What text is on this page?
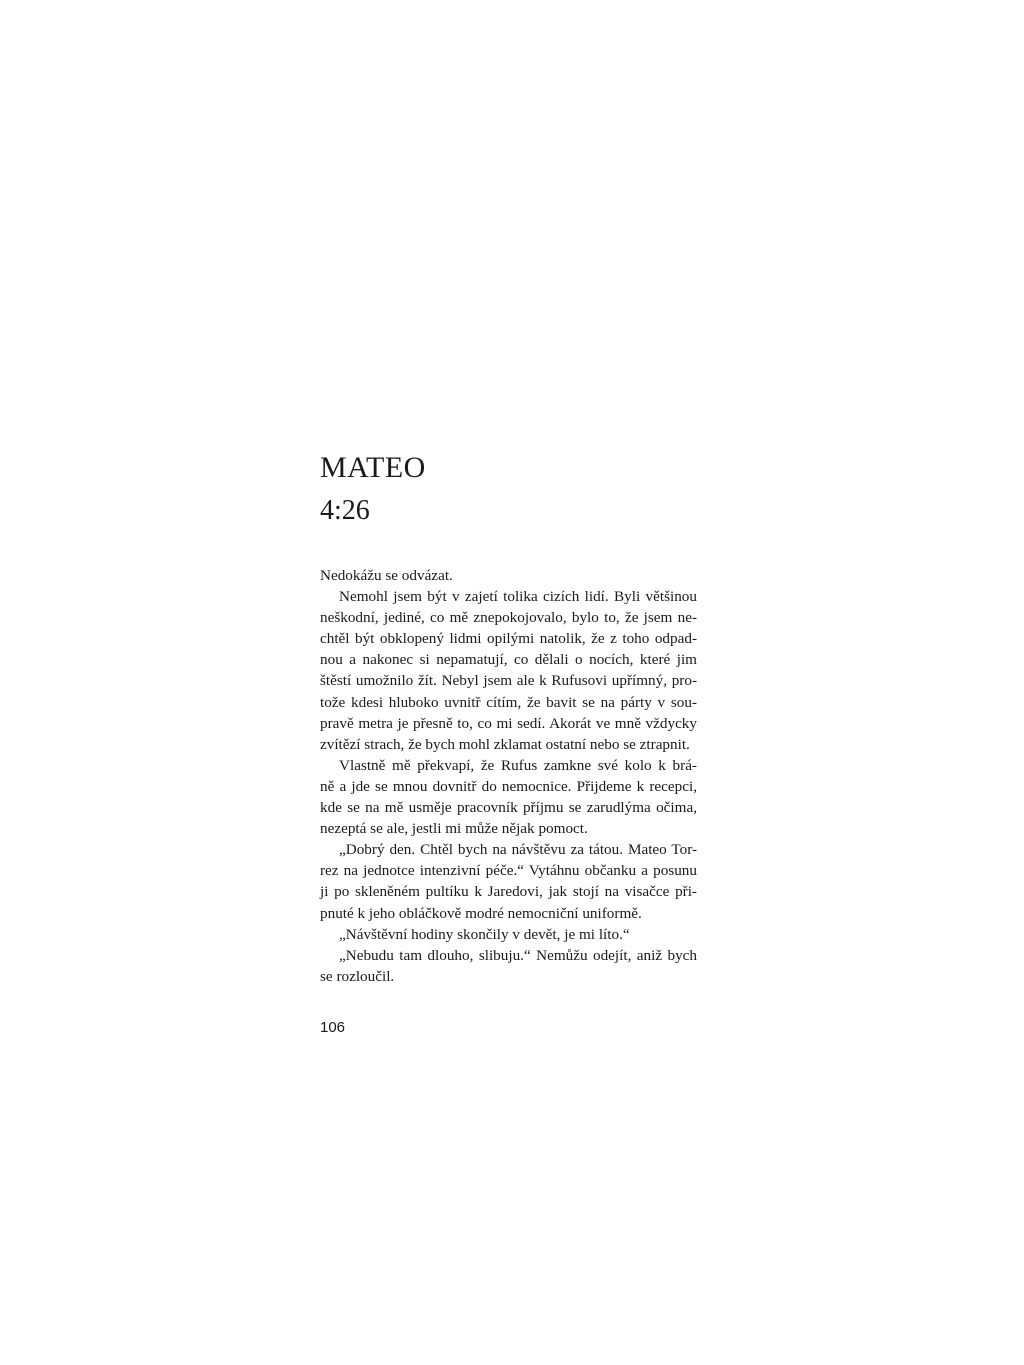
MATEO
4:26
Nedokážu se odvázat.
Nemohl jsem být v zajetí tolika cizích lidí. Byli většinou
neškodní, jediné, co mě znepokojovalo, bylo to, že jsem ne-
chtěl být obklopený lidmi opilými natolik, že z toho odpad-
nou a nakonec si nepamatují, co dělali o nocích, které jim
štěstí umožnilo žít. Nebyl jsem ale k Rufusovi upřímný, pro-
tože kdesi hluboko uvnitř cítím, že bavit se na párty v sou-
pravě metra je přesně to, co mi sedí. Akorát ve mně vždycky
zvítězí strach, že bych mohl zklamat ostatní nebo se ztrapnit.
Vlastně mě překvapí, že Rufus zamkne své kolo k brá-
ně a jde se mnou dovnitř do nemocnice. Přijdeme k recepci,
kde se na mě usměje pracovník příjmu se zarudlýma očima,
nezeptá se ale, jestli mi může nějak pomoct.
„Dobrý den. Chtěl bych na návštěvu za tátou. Mateo Tor-
rez na jednotce intenzivní péče.“ Vytáhnu občanku a posunu
ji po skleněném pultíku k Jaredovi, jak stojí na visačce při-
pnuté k jeho obláčkově modré nemocniční uniformě.
„Návštěvní hodiny skončily v devět, je mi líto.“
„Nebudu tam dlouho, slibuju.“ Nemůžu odejít, aniž bych
se rozloučil.
106
